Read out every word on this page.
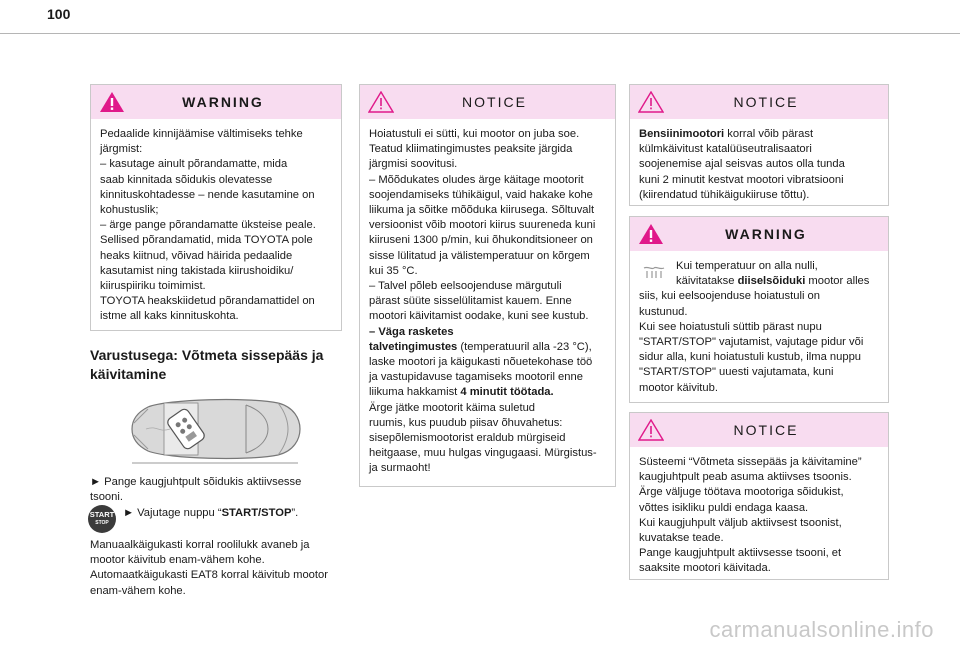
100
WARNING
Pedaalide kinnijäämise vältimiseks tehke
järgmist:
– kasutage ainult põrandamatte, mida
saab kinnitada sõidukis olevatesse
kinnituskohtadesse – nende kasutamine on
kohustuslik;
– ärge pange põrandamatte üksteise peale.
Sellised põrandamatid, mida TOYOTA pole
heaks kiitnud, võivad häirida pedaalide
kasutamist ning takistada kiirushoidiku/
kiiruspiiriku toimimist.
TOYOTA heakskiidetud põrandamattidel on
istme all kaks kinnituskohta.
Varustusega: Võtmeta sissepääs ja
käivitamine
► Pange kaugjuhtpult sõidukis aktiivsesse
tsooni.
START
STOP
► Vajutage nuppu “START/STOP”.
Manuaalkäigukasti korral roolilukk avaneb ja
mootor käivitub enam-vähem kohe.
Automaatkäigukasti EAT8 korral käivitub mootor
enam-vähem kohe.
NOTICE
Hoiatustuli ei sütti, kui mootor on juba soe.
Teatud kliimatingimustes peaksite järgida
järgmisi soovitusi.
– Mõõdukates oludes ärge käitage mootorit
soojendamiseks tühikäigul, vaid hakake kohe
liikuma ja sõitke mõõduka kiirusega. Sõltuvalt
versioonist võib mootori kiirus suureneda kuni
kiiruseni 1300 p/min, kui õhukonditsioneer on
sisse lülitatud ja välistemperatuur on kõrgem
kui 35 °C.
– Talvel põleb eelsoojenduse märgutuli
pärast süüte sisselülitamist kauem. Enne
mootori käivitamist oodake, kuni see kustub.
– Väga rasketes
talvetingimustes (temperatuuril alla -23 °C),
laske mootori ja käigukasti nõuetekohase töö
ja vastupidavuse tagamiseks mootoril enne
liikuma hakkamist 4 minutit töötada.
Ärge jätke mootorit käima suletud
ruumis, kus puudub piisav õhuvahetus:
sisepõlemismootorist eraldub mürgiseid
heitgaase, muu hulgas vingugaasi. Mürgistus-
ja surmaoht!
NOTICE
Bensiinimootori korral võib pärast
külmkäivitust katalüüseutralisaatori
soojenemise ajal seisvas autos olla tunda
kuni 2 minutit kestvat mootori vibratsiooni
(kiirendatud tühikäigukiiruse tõttu).
WARNING
Kui temperatuur on alla nulli,
käivitatakse diiselsõiduki mootor alles
siis, kui eelsoojenduse hoiatustuli on
kustunud.
Kui see hoiatustuli süttib pärast nupu
"START/STOP" vajutamist, vajutage pidur või
sidur alla, kuni hoiatustuli kustub, ilma nuppu
"START/STOP" uuesti vajutamata, kuni
mootor käivitub.
NOTICE
Süsteemi “Võtmeta sissepääs ja käivitamine”
kaugjuhtpult peab asuma aktiivses tsoonis.
Ärge väljuge töötava mootoriga sõidukist,
võttes isikliku puldi endaga kaasa.
Kui kaugjuhpult väljub aktiivsest tsoonist,
kuvatakse teade.
Pange kaugjuhtpult aktiivsesse tsooni, et
saaksite mootori käivitada.
carmanualsonline.info
